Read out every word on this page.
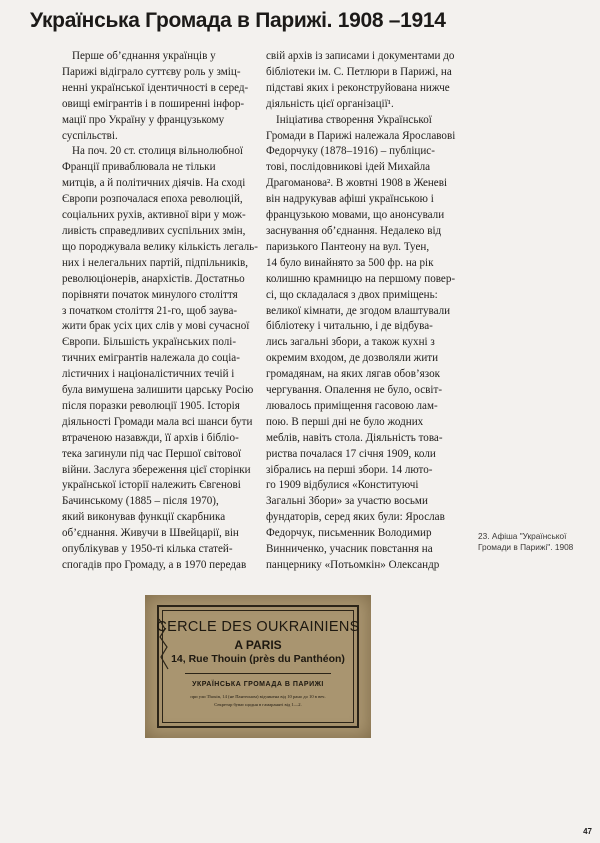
Українська Громада в Парижі. 1908 –1914

Перше об’єднання українців у
Парижі відіграло суттєву роль у зміц-
ненні української ідентичності в серед-
овищі емігрантів і в поширенні інфор-
мації про Україну у французькому
суспільстві.

На поч. 20 ст. столиця вільнолюбної
Франції приваблювала не тільки
митців, а й політичних діячів. На сході
Європи розпочалася епоха революцій,
соціальних рухів, активної віри у мож-
ливість справедливих суспільних змін,
що породжувала велику кількість легаль-
них і нелегальних партій, підпільників,
революціонерів, анархістів. Достатньо
порівняти початок минулого століття
з початком століття 21-го, щоб заува-
жити брак усіх цих слів у мові сучасної
Європи. Більшість українських полі-
тичних емігрантів належала до соціа-
лістичних і націоналістичних течій і
була вимушена залишити царську Росію
після поразки революції 1905. Історія
діяльності Громади мала всі шанси бути
втраченою назавжди, її архів і бібліо-
тека загинули під час Першої світової
війни. Заслуга збереження цієї сторінки
української історії належить Євгенові
Бачинському (1885 – після 1970),
який виконував функції скарбника
об’єднання. Живучи в Швейцарії, він
опублікував у 1950-ті кілька статей-
спогадів про Громаду, а в 1970 передав

свій архів із записами і документами до
бібліотеки ім. С. Петлюри в Парижі, на
підставі яких і реконструйована нижче
діяльність цієї організації¹.

Ініціатива створення Української
Громади в Парижі належала Ярославові
Федорчуку (1878–1916) – публіцис-
тові, послідовникові ідей Михайла
Драгоманова². В жовтні 1908 в Женеві
він надрукував афіші українською і
французькою мовами, що анонсували
заснування об’єднання. Недалеко від
паризького Пантеону на вул. Туен,
14 було винайнято за 500 фр. на рік
колишню крамницю на першому повер-
сі, що складалася з двох приміщень:
великої кімнати, де згодом влаштували
бібліотеку і читальню, і де відбува-
лись загальні збори, а також кухні з
окремим входом, де дозволяли жити
громадянам, на яких лягав обов’язок
чергування. Опалення не було, освіт-
лювалось приміщення гасовою лам-
пою. В перші дні не було жодних
меблів, навіть стола. Діяльність това-
риства почалася 17 січня 1909, коли
зібрались на перші збори. 14 люто-
го 1909 відбулися «Конституючі
Загальні Збори» за участю восьми
фундаторів, серед яких були: Ярослав
Федорчук, письменник Володимир
Винниченко, учасник повстання на
панцернику «Потьомкін» Олександр

23. Афіша "Української
Громади в Парижі". 1908
CERCLE DES OUKRAINIENS
A PARIS
14, Rue Thouin (près du Panthéon)
УКРАЇНСЬКА ГРОМАДА В ПАРИЖІ
при ули Thouin, 14 (не Пантеоном) відчинена від 10 рано до 10 в веч.
Секретар буває щодня в гамараняті від 1—2.
47
